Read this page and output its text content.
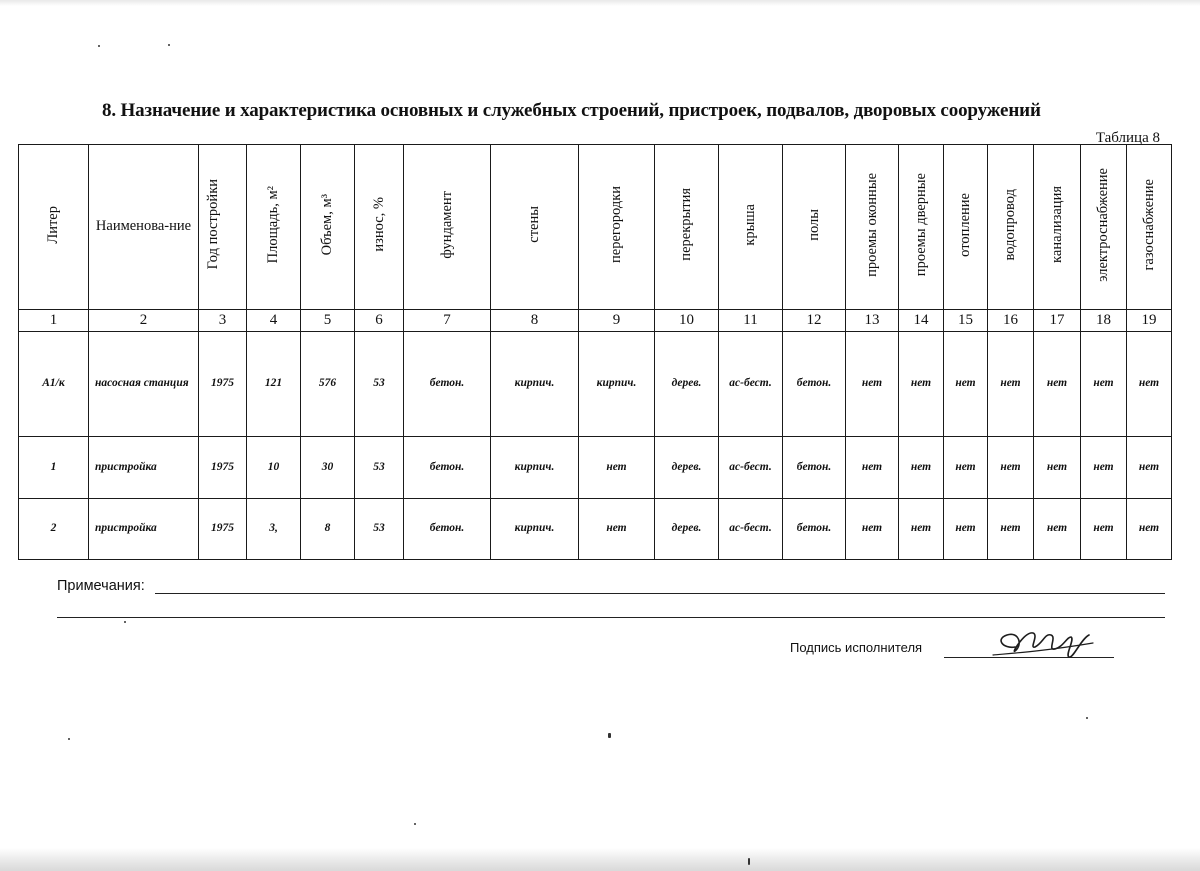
8. Назначение и характеристика основных и служебных строений, пристроек, подвалов, дворовых сооружений
Таблица 8
Литер	Наименова-ние	Год постройки	Площадь, м²	Объем, м³	износ, %	фундамент	стены	перегородки	перекрытия	крыша	полы	проемы оконные	проемы дверные	отопление	водопровод	канализация	электроснабжение	газоснабжение
1	2	3	4	5	6	7	8	9	10	11	12	13	14	15	16	17	18	19
А1/к	насосная станция	1975	121	576	53	бетон.	кирпич.	кирпич.	дерев.	ас-бест.	бетон.	нет	нет	нет	нет	нет	нет	нет
1	пристройка	1975	10	30	53	бетон.	кирпич.	нет	дерев.	ас-бест.	бетон.	нет	нет	нет	нет	нет	нет	нет
2	пристройка	1975	3,	8	53	бетон.	кирпич.	нет	дерев.	ас-бест.	бетон.	нет	нет	нет	нет	нет	нет	нет
Примечания:
Подпись исполнителя
